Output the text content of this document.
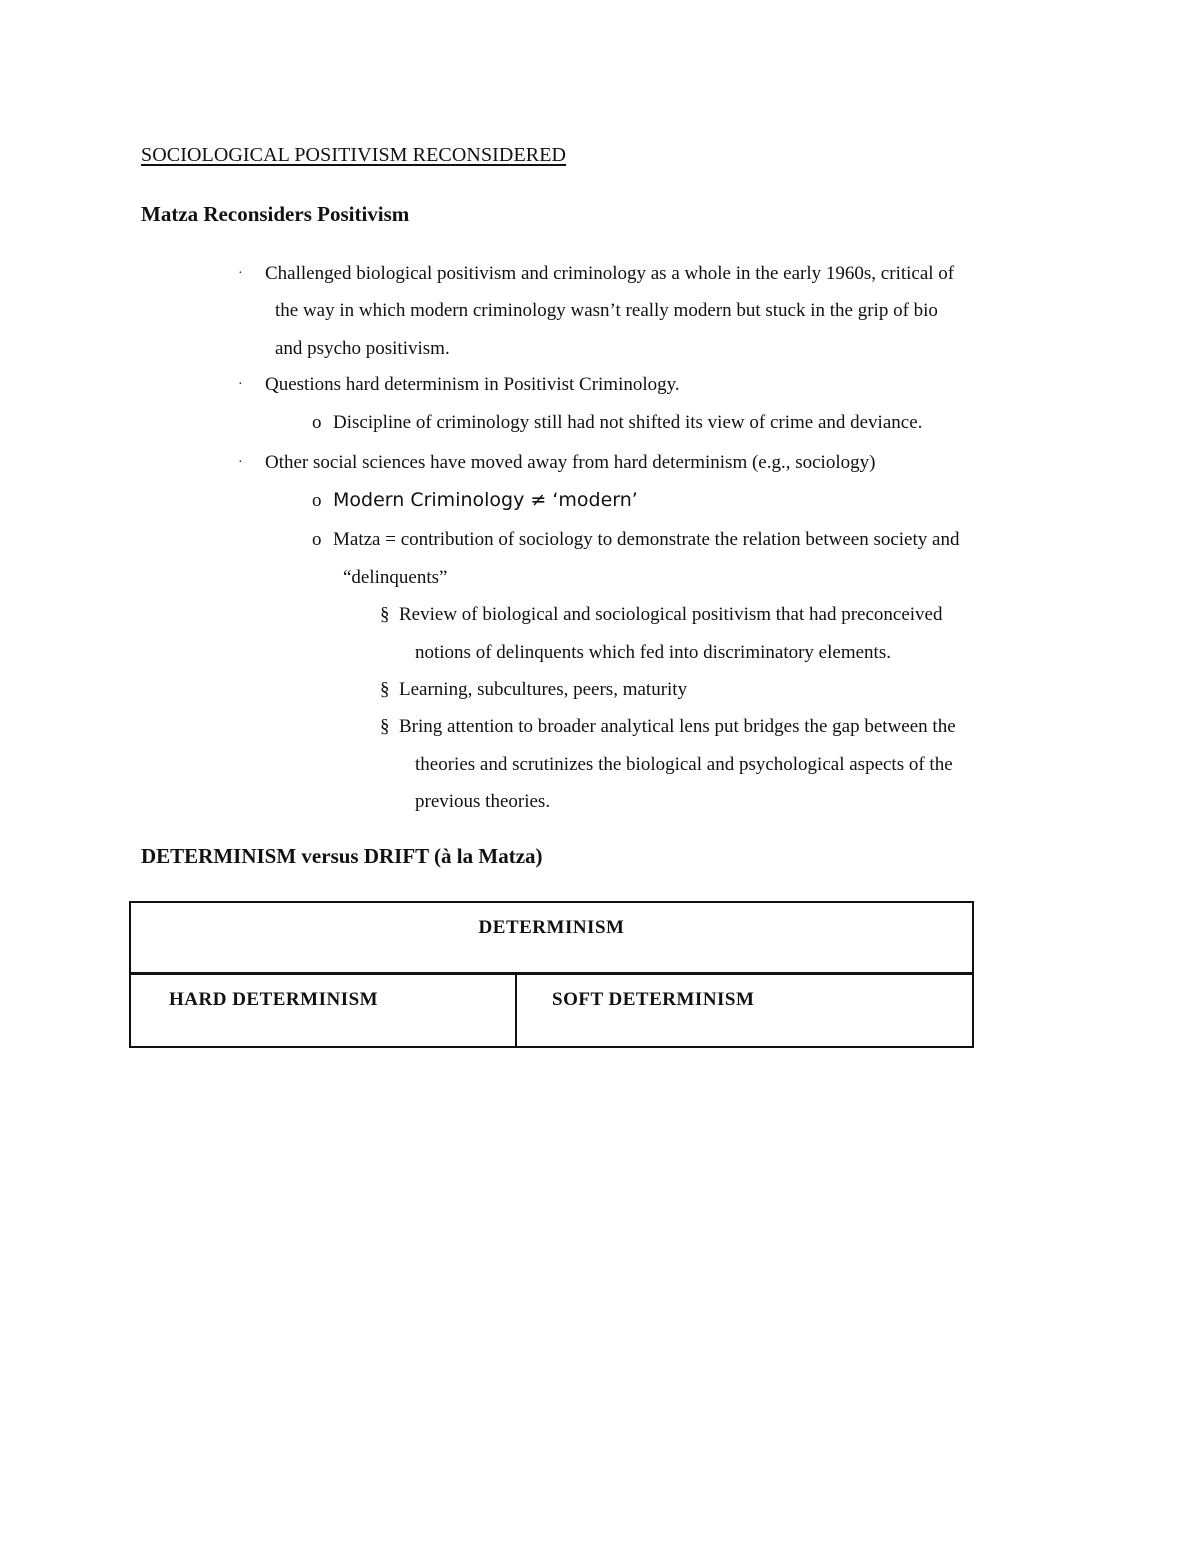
SOCIOLOGICAL POSITIVISM RECONSIDERED
Matza Reconsiders Positivism
· Challenged biological positivism and criminology as a whole in the early 1960s, critical of
the way in which modern criminology wasn’t really modern but stuck in the grip of bio
and psycho positivism.
· Questions hard determinism in Positivist Criminology.
o Discipline of criminology still had not shifted its view of crime and deviance.
· Other social sciences have moved away from hard determinism (e.g., sociology)
o Modern Criminology ≠ ‘modern’
o Matza = contribution of sociology to demonstrate the relation between society and
“delinquents”
§ Review of biological and sociological positivism that had preconceived
notions of delinquents which fed into discriminatory elements.
§ Learning, subcultures, peers, maturity
§ Bring attention to broader analytical lens put bridges the gap between the
theories and scrutinizes the biological and psychological aspects of the
previous theories.
DETERMINISM versus DRIFT (à la Matza)
DETERMINISM
HARD DETERMINISM	SOFT DETERMINISM
